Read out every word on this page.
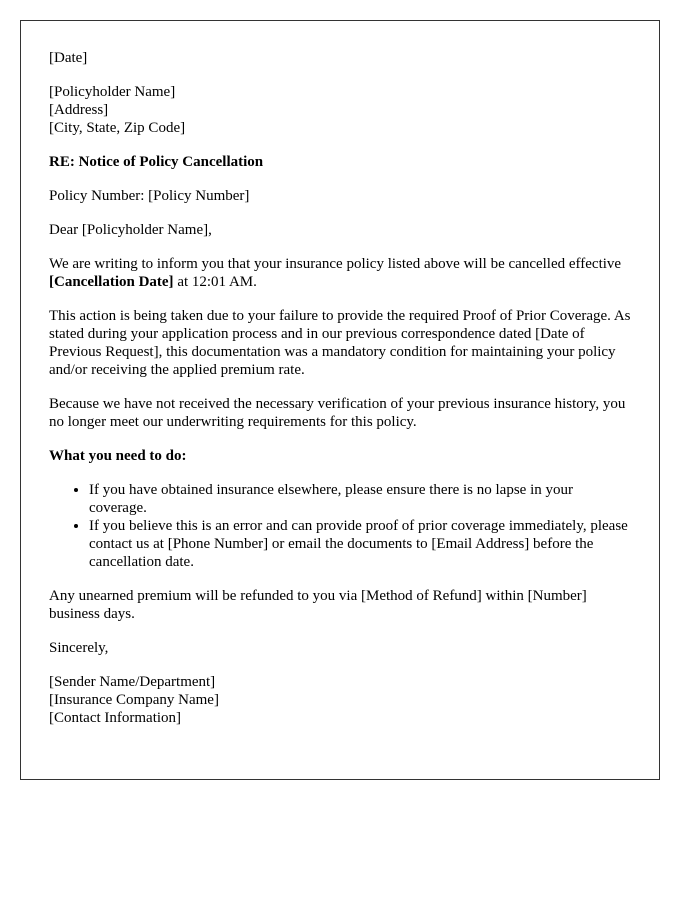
[Date]
[Policyholder Name]
[Address]
[City, State, Zip Code]
RE: Notice of Policy Cancellation
Policy Number: [Policy Number]
Dear [Policyholder Name],

We are writing to inform you that your insurance policy listed above will be cancelled effective [Cancellation Date] at 12:01 AM.

This action is being taken due to your failure to provide the required Proof of Prior Coverage. As stated during your application process and in our previous correspondence dated [Date of Previous Request], this documentation was a mandatory condition for maintaining your policy and/or receiving the applied premium rate.

Because we have not received the necessary verification of your previous insurance history, you no longer meet our underwriting requirements for this policy.

What you need to do:
• If you have obtained insurance elsewhere, please ensure there is no lapse in your coverage.
• If you believe this is an error and can provide proof of prior coverage immediately, please contact us at [Phone Number] or email the documents to [Email Address] before the cancellation date.

Any unearned premium will be refunded to you via [Method of Refund] within [Number] business days.

Sincerely,
[Sender Name/Department]
[Insurance Company Name]
[Contact Information]
